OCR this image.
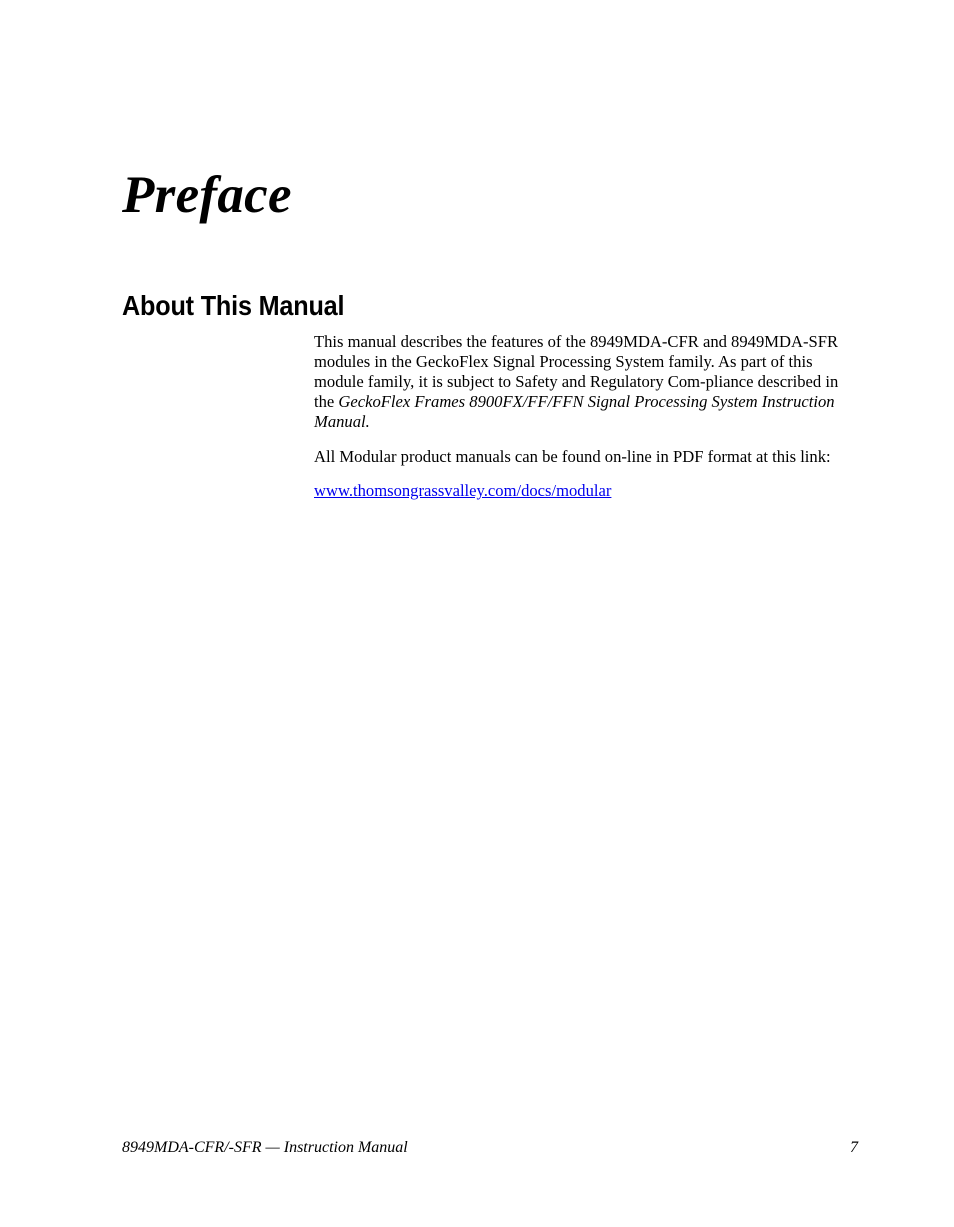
Preface
About This Manual

This manual describes the features of the 8949MDA-CFR and 8949MDA-SFR modules in the GeckoFlex Signal Processing System family. As part of this module family, it is subject to Safety and Regulatory Com-pliance described in the GeckoFlex Frames 8900FX/FF/FFN Signal Processing System Instruction Manual.

All Modular product manuals can be found on-line in PDF format at this link:

www.thomsongrassvalley.com/docs/modular

8949MDA-CFR/-SFR — Instruction Manual	7
